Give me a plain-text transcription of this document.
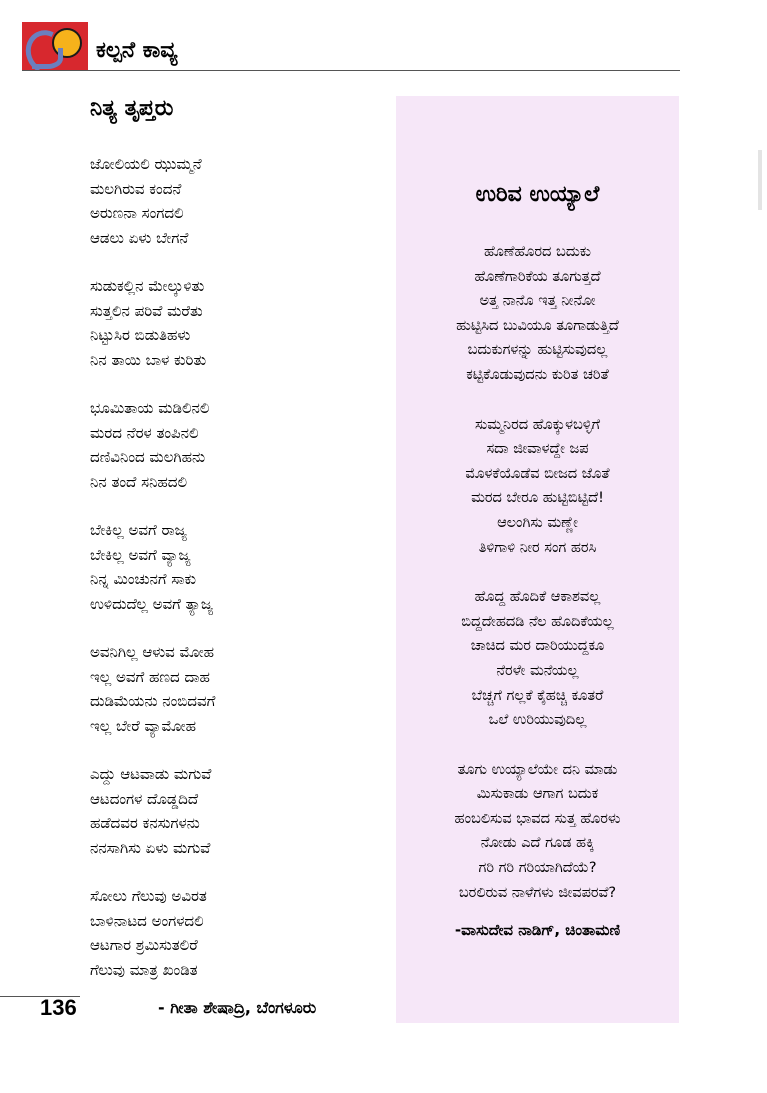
ಕಲ್ಪನೆ ಕಾವ್ಯ
ನಿತ್ಯ ತೃಪ್ತರು
ಜೋಲಿಯಲಿ ಝುಮ್ಮನೆ
ಮಲಗಿರುವ ಕಂದನೆ
ಅರುಣನಾ ಸಂಗದಲಿ
ಆಡಲು ಏಳು ಬೇಗನೆ
ಸುಡುಕಲ್ಲಿನ ಮೇಲ್ಕುಳಿತು
ಸುತ್ತಲಿನ ಪರಿವೆ ಮರೆತು
ನಿಟ್ಟುಸಿರ ಬಿಡುತಿಹಳು
ನಿನ ತಾಯಿ ಬಾಳ ಕುರಿತು
ಭೂಮಿತಾಯ ಮಡಿಲಿನಲಿ
ಮರದ ನೆರಳ ತಂಪಿನಲಿ
ದಣಿವಿನಿಂದ ಮಲಗಿಹನು
ನಿನ ತಂದೆ ಸನಿಹದಲಿ
ಬೇಕಿಲ್ಲ ಅವಗೆ ರಾಜ್ಯ
ಬೇಕಿಲ್ಲ ಅವಗೆ ವ್ಯಾಜ್ಯ
ನಿನ್ನ ಮಿಂಚುನಗೆ ಸಾಕು
ಉಳಿದುದೆಲ್ಲ ಅವಗೆ ತ್ಯಾಜ್ಯ
ಅವನಿಗಿಲ್ಲ ಆಳುವ ಮೋಹ
ಇಲ್ಲ ಅವಗೆ ಹಣದ ದಾಹ
ದುಡಿಮೆಯನು ನಂಬಿದವಗೆ
ಇಲ್ಲ ಬೇರೆ ವ್ಯಾಮೋಹ
ಎದ್ದು ಆಟವಾಡು ಮಗುವೆ
ಆಟದಂಗಳ ದೊಡ್ಡದಿದೆ
ಹಡೆದವರ ಕನಸುಗಳನು
ನನಸಾಗಿಸು ಏಳು ಮಗುವೆ
ಸೋಲು ಗೆಲುವು ಅವಿರತ
ಬಾಳಿನಾಟದ ಅಂಗಳದಲಿ
ಆಟಗಾರ ಶ್ರಮಿಸುತಲಿರೆ
ಗೆಲುವು ಮಾತ್ರ ಖಂಡಿತ
ಉರಿವ ಉಯ್ಯಾಲೆ
ಹೊಣೆಹೊರದ ಬದುಕು
ಹೊಣೆಗಾರಿಕೆಯ ತೂಗುತ್ತದೆ
ಅತ್ತ ನಾನೊ ಇತ್ತ ನೀನೋ
ಹುಟ್ಟಿಸಿದ ಬುವಿಯೂ ತೂಗಾಡುತ್ತಿದೆ
ಬದುಕುಗಳನ್ನು ಹುಟ್ಟಿಸುವುದಲ್ಲ
ಕಟ್ಟಿಕೊಡುವುದನು ಕುರಿತ ಚರಿತೆ
ಸುಮ್ಮನಿರದ ಹೊಕ್ಕುಳಬಳ್ಳಿಗೆ
ಸದಾ ಜೀವಾಳದ್ದೇ ಜಪ
ಮೊಳಕೆಯೊಡೆವ ಬೀಜದ ಜೊತೆ
ಮರದ ಬೇರೂ ಹುಟ್ಟಿಬಿಟ್ಟಿದೆ!
ಆಲಂಗಿಸು ಮಣ್ಣೇ
ತಿಳಿಗಾಳಿ ನೀರ ಸಂಗ ಹರಸಿ
ಹೊದ್ದ ಹೊದಿಕೆ ಆಕಾಶವಲ್ಲ
ಬಿದ್ದದೇಹದಡಿ ನೆಲ ಹೊದಿಕೆಯಲ್ಲ
ಚಾಚಿದ ಮರ ದಾರಿಯುದ್ದಕೂ
ನೆರಳೇ ಮನೆಯಲ್ಲ
ಬೆಚ್ಚಗೆ ಗಲ್ಲಕೆ ಕೈಹಚ್ಚಿ ಕೂತರೆ
ಒಲೆ ಉರಿಯುವುದಿಲ್ಲ
ತೂಗು ಉಯ್ಯಾಲೆಯೇ ದನಿ ಮಾಡು
ಮಿಸುಕಾಡು ಆಗಾಗ ಬದುಕ
ಹಂಬಲಿಸುವ ಭಾವದ ಸುತ್ತ ಹೊರಳು
ನೋಡು ಎದೆ ಗೂಡ ಹಕ್ಕಿ
ಗರಿ ಗರಿ ಗರಿಯಾಗಿದೆಯೆ?
ಬರಲಿರುವ ನಾಳೆಗಳು ಜೀವಪರವೆ?
-ವಾಸುದೇವ ನಾಡಿಗ್, ಚಿಂತಾಮಣಿ
136	- ಗೀತಾ ಶೇಷಾದ್ರಿ, ಬೆಂಗಳೂರು
